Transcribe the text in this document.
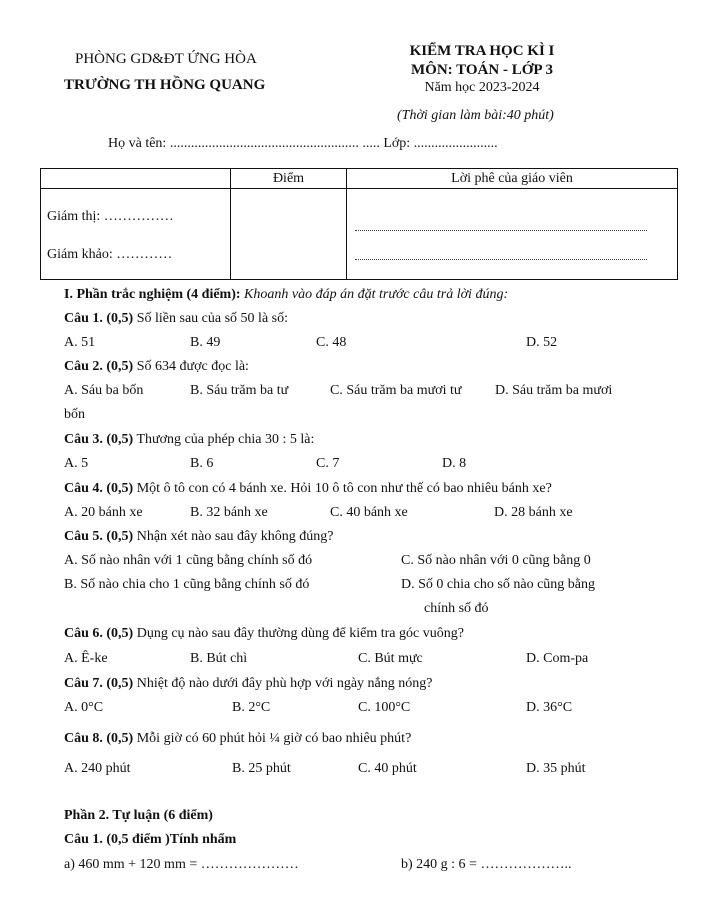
PHÒNG GD&ĐT ỨNG HÒA
TRƯỜNG TH HỒNG QUANG
KIỂM TRA HỌC KÌ I
MÔN: TOÁN - LỚP 3
Năm học 2023-2024
(Thời gian làm bài:40 phút)
Họ và tên: ...................................................... ..... Lớp: ........................
	Điểm	Lời phê của giáo viên

Giám thị: ……………
Giám khảo: …………		

I. Phần trắc nghiệm (4 điểm): Khoanh vào đáp án đặt trước câu trả lời đúng:
Câu 1. (0,5) Số liền sau của số 50 là số:
A. 51	B. 49	C. 48	D. 52
Câu 2. (0,5) Số 634 được đọc là:
A. Sáu ba bốn	B. Sáu trăm ba tư	C. Sáu trăm ba mươi tư D. Sáu trăm ba mươi
bốn
Câu 3. (0,5) Thương của phép chia 30 : 5 là:
A. 5	B. 6	C. 7	D. 8
Câu 4. (0,5) Một ô tô con có 4 bánh xe. Hỏi 10 ô tô con như thế có bao nhiêu bánh xe?
A. 20 bánh xe	B. 32 bánh xe	C. 40 bánh xe	D. 28 bánh xe
Câu 5. (0,5) Nhận xét nào sau đây không đúng?
A. Số nào nhân với 1 cũng bằng chính số đó	C. Số nào nhân với 0 cũng bằng 0
B. Số nào chia cho 1 cũng bằng chính số đó	D. Số 0 chia cho số nào cũng bằng
chính số đó
Câu 6. (0,5) Dụng cụ nào sau đây thường dùng để kiểm tra góc vuông?
A. Ê-ke	B. Bút chì	C. Bút mực	D. Com-pa
Câu 7. (0,5) Nhiệt độ nào dưới đây phù hợp với ngày nắng nóng?
A. 0°C	B. 2°C	C. 100°C	D. 36°C
Câu 8. (0,5) Mỗi giờ có 60 phút hỏi ¼ giờ có bao nhiêu phút?
A. 240 phút	B. 25 phút	C. 40 phút	D. 35 phút
Phần 2. Tự luận (6 điểm)
Câu 1. (0,5 điểm )Tính nhẩm
a) 460 mm + 120 mm = …………………	b) 240 g : 6 = ………………..
